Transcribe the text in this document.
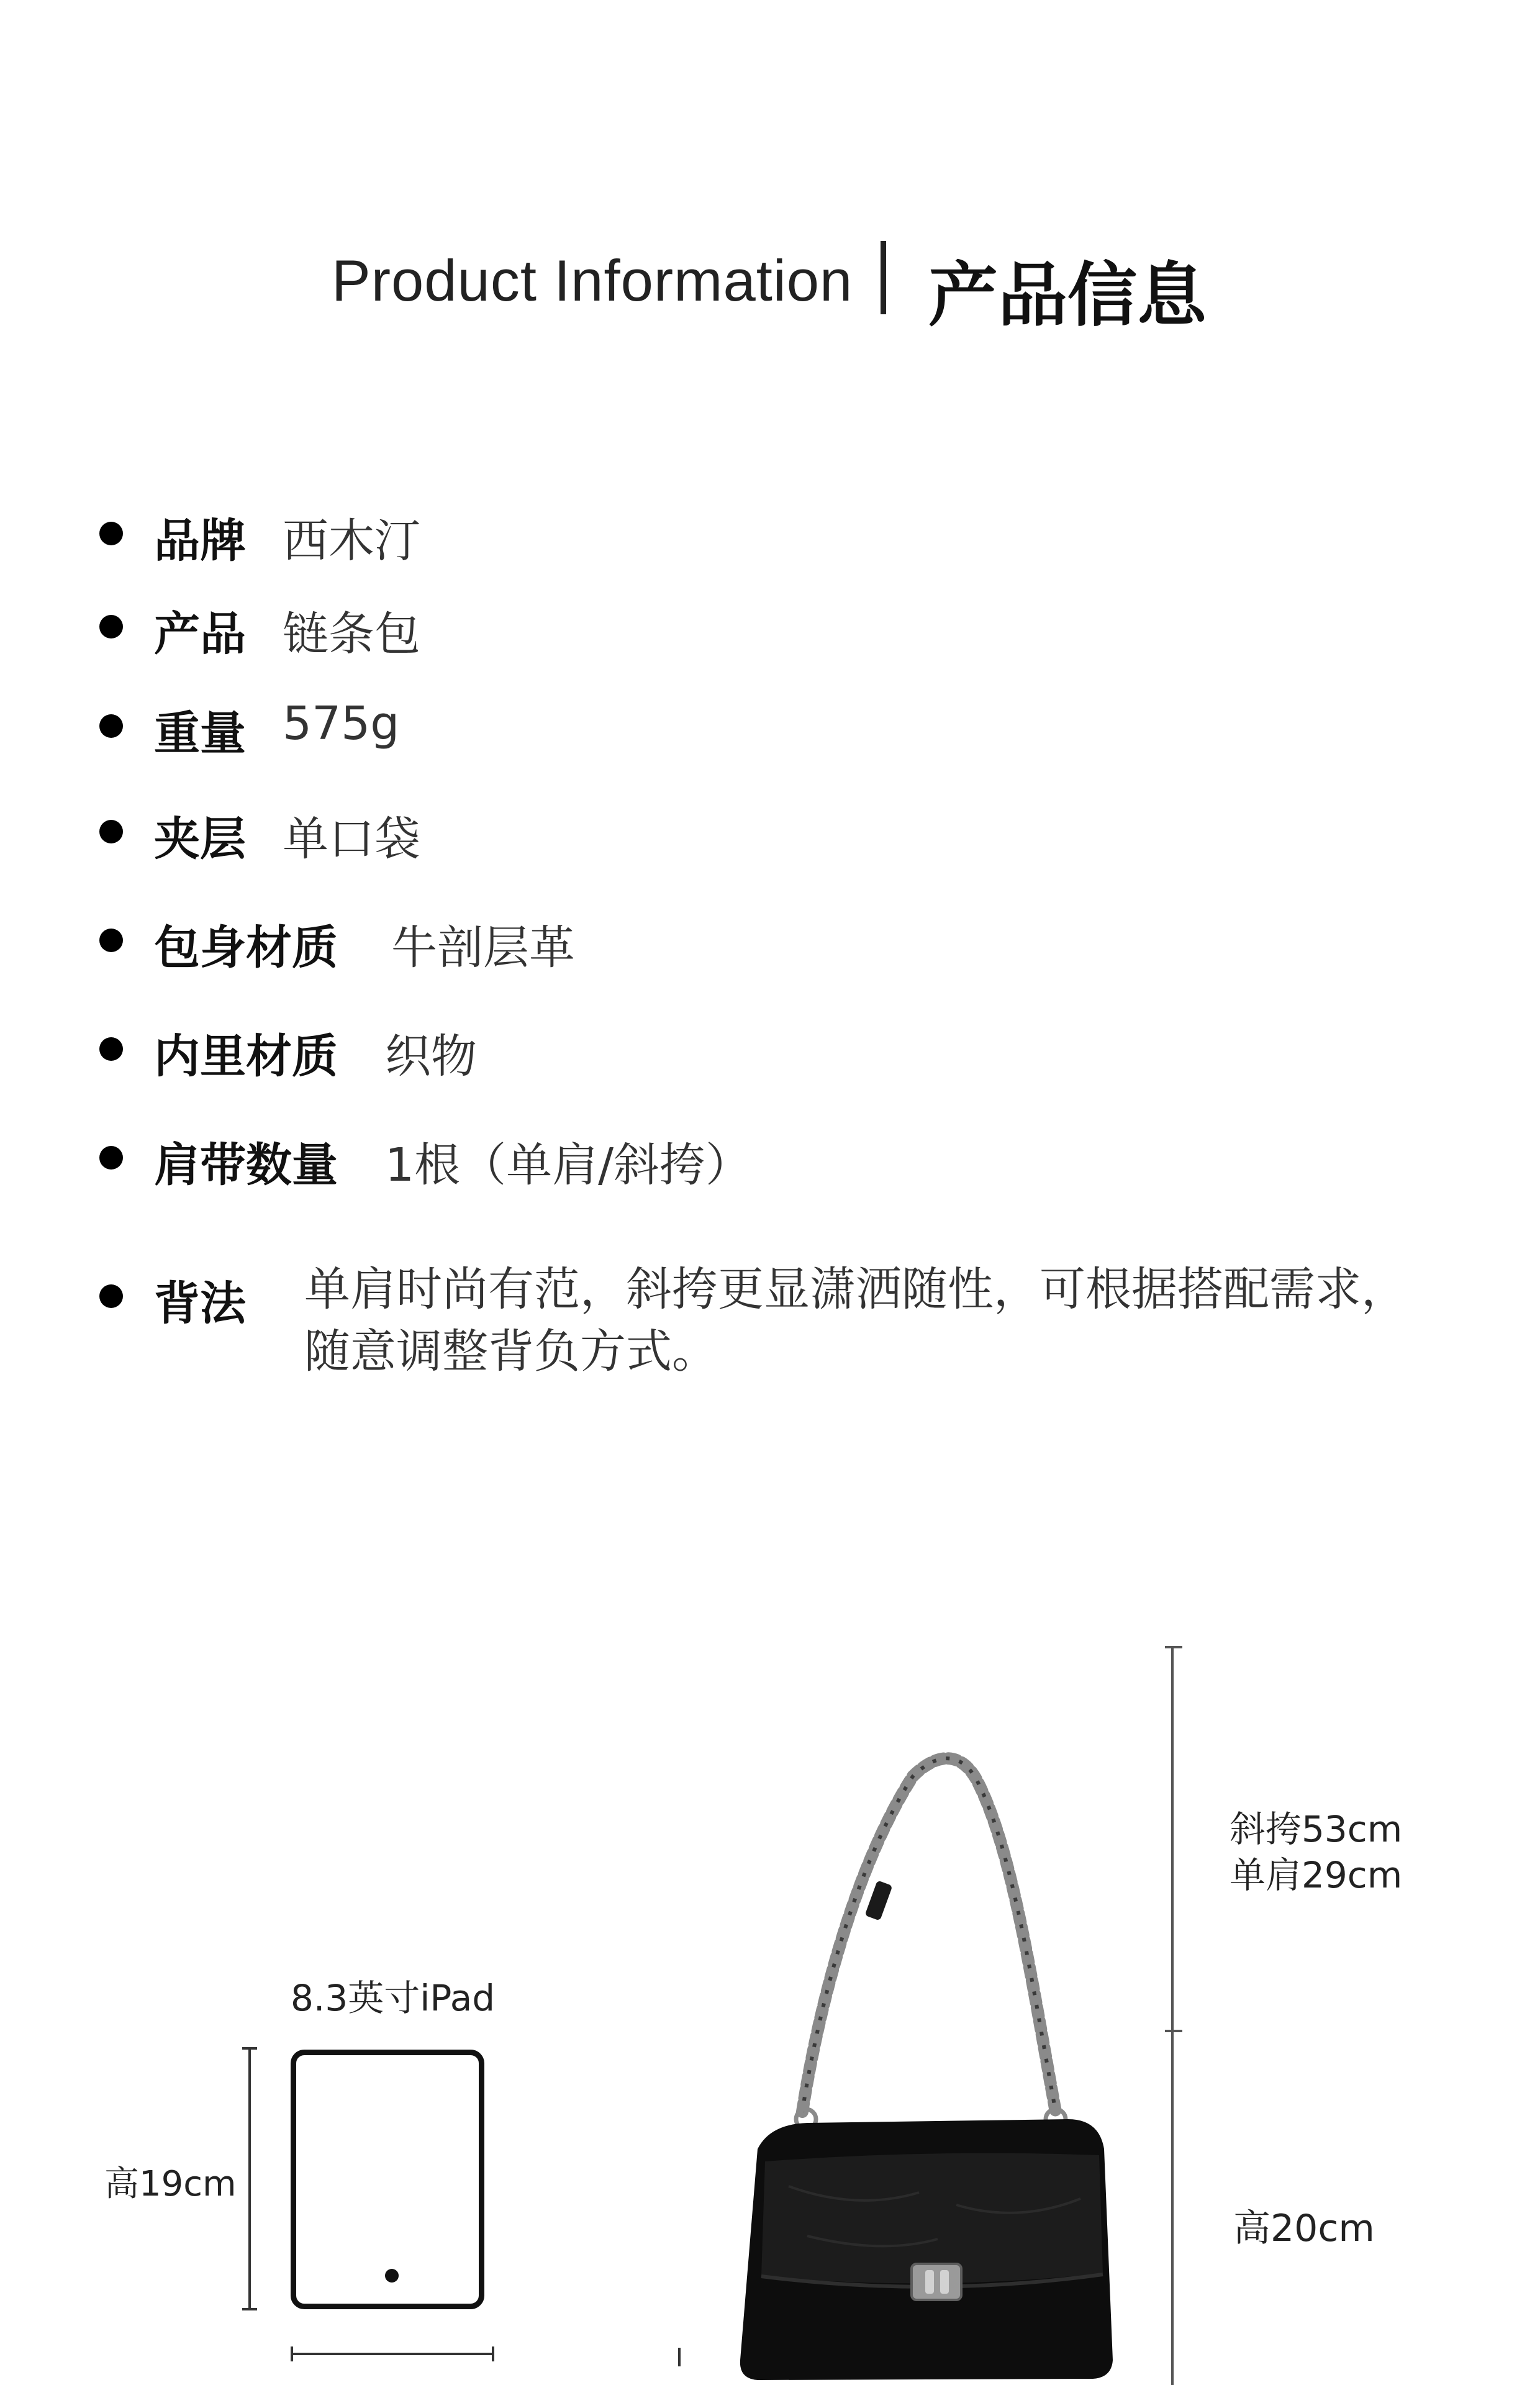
Product Information 产品信息
品牌 西木汀
产品 链条包
重量 575g
夹层 单口袋
包身材质 牛剖层革
内里材质 织物
肩带数量 1根（单肩/斜挎）
背法 单肩时尚有范，斜挎更显潇洒随性，可根据搭配需求，随意调整背负方式。
8.3英寸iPad
高19cm
斜挎53cm
单肩29cm
高20cm
